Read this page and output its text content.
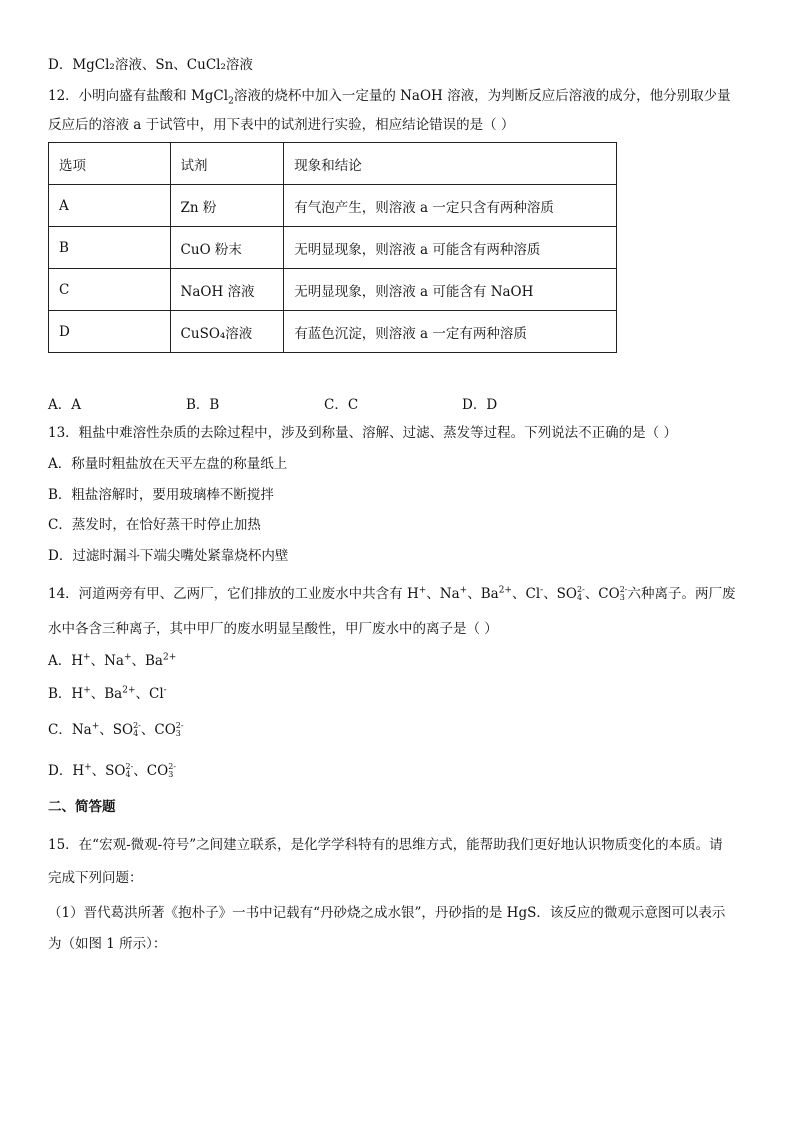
D．MgCl₂溶液、Sn、CuCl₂溶液
12．小明向盛有盐酸和 MgCl$_2$溶液的烧杯中加入一定量的 NaOH 溶液，为判断反应后溶液的成分，他分别取少量
反应后的溶液 a 于试管中，用下表中的试剂进行实验，相应结论错误的是（ ）
选项	试剂	现象和结论
A	Zn 粉	有气泡产生，则溶液 a 一定只含有两种溶质
B	CuO 粉末	无明显现象，则溶液 a 可能含有两种溶质
C	NaOH 溶液	无明显现象，则溶液 a 可能含有 NaOH
D	CuSO₄溶液	有蓝色沉淀，则溶液 a 一定有两种溶质
A．A	B．B	C．C	D．D
13．粗盐中难溶性杂质的去除过程中，涉及到称量、溶解、过滤、蒸发等过程。下列说法不正确的是（ ）
A．称量时粗盐放在天平左盘的称量纸上
B．粗盐溶解时，要用玻璃棒不断搅拌
C．蒸发时，在恰好蒸干时停止加热
D．过滤时漏斗下端尖嘴处紧靠烧杯内壁
14．河道两旁有甲、乙两厂，它们排放的工业废水中共含有 H+、Na+、$Ba^{2+}$、Cl-、SO 2-
4 、CO 2-
3 六种离子。两厂废
水中各含三种离子，其中甲厂的废水明显呈酸性，甲厂废水中的离子是（ ）
A．H+、Na+、$Ba^{2+}$
B．H+、$Ba^{2+}$、Cl-
C．Na+、SO 2-
4 、CO 2-
3
D．H+、SO 2-
4 、CO 2-
3
二、简答题
15．在“宏观-微观-符号”之间建立联系，是化学学科特有的思维方式，能帮助我们更好地认识物质变化的本质。请
完成下列问题：
（1）晋代葛洪所著《抱朴子》一书中记载有“丹砂烧之成水银”，丹砂指的是 HgS．该反应的微观示意图可以表示
为（如图 1 所示）：
